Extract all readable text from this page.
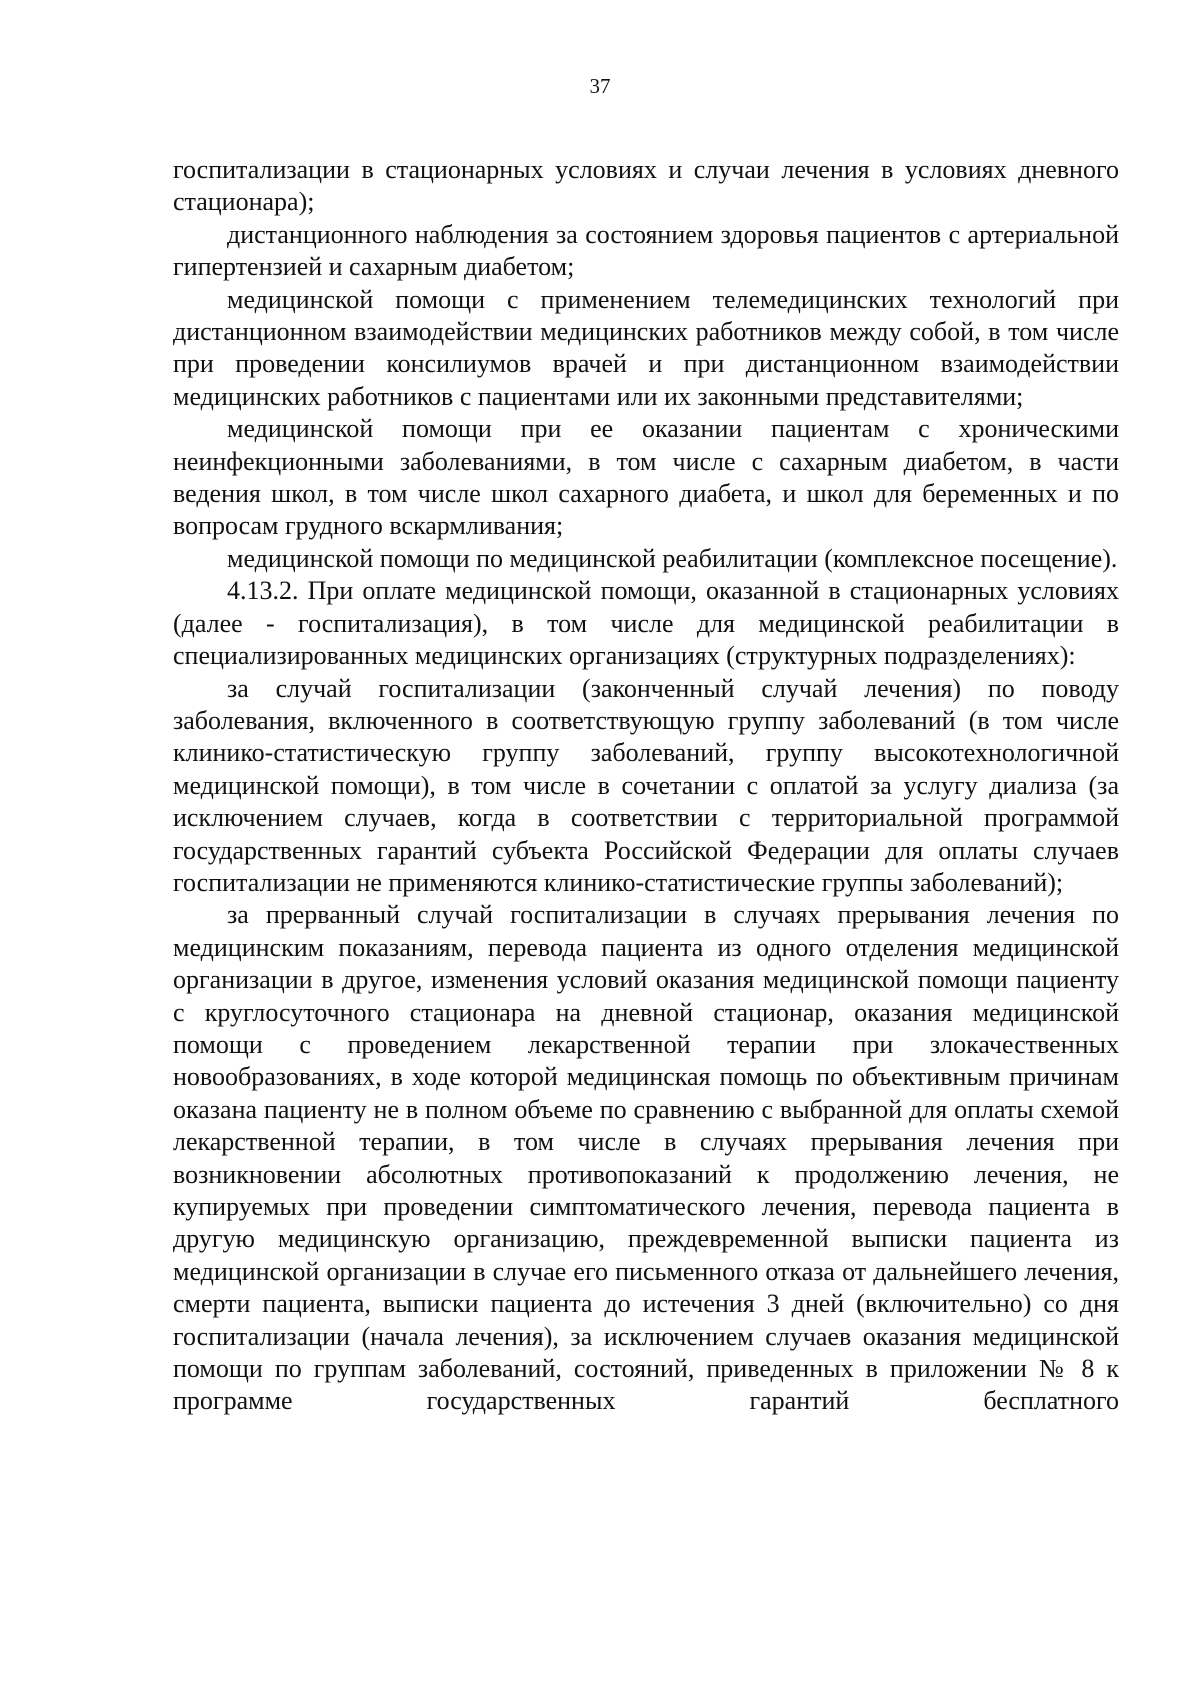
37

госпитализации в стационарных условиях и случаи лечения в условиях дневного стационара);

дистанционного наблюдения за состоянием здоровья пациентов с артериальной гипертензией и сахарным диабетом;

медицинской помощи с применением телемедицинских технологий при дистанционном взаимодействии медицинских работников между собой, в том числе при проведении консилиумов врачей и при дистанционном взаимодействии медицинских работников с пациентами или их законными представителями;

медицинской помощи при ее оказании пациентам с хроническими неинфекционными заболеваниями, в том числе с сахарным диабетом, в части ведения школ, в том числе школ сахарного диабета, и школ для беременных и по вопросам грудного вскармливания;

медицинской помощи по медицинской реабилитации (комплексное посещение).

4.13.2. При оплате медицинской помощи, оказанной в стационарных условиях (далее - госпитализация), в том числе для медицинской реабилитации в специализированных медицинских организациях (структурных подразделениях):

за случай госпитализации (законченный случай лечения) по поводу заболевания, включенного в соответствующую группу заболеваний (в том числе клинико-статистическую группу заболеваний, группу высокотехнологичной медицинской помощи), в том числе в сочетании с оплатой за услугу диализа (за исключением случаев, когда в соответствии с территориальной программой государственных гарантий субъекта Российской Федерации для оплаты случаев госпитализации не применяются клинико-статистические группы заболеваний);

за прерванный случай госпитализации в случаях прерывания лечения по медицинским показаниям, перевода пациента из одного отделения медицинской организации в другое, изменения условий оказания медицинской помощи пациенту с круглосуточного стационара на дневной стационар, оказания медицинской помощи с проведением лекарственной терапии при злокачественных новообразованиях, в ходе которой медицинская помощь по объективным причинам оказана пациенту не в полном объеме по сравнению с выбранной для оплаты схемой лекарственной терапии, в том числе в случаях прерывания лечения при возникновении абсолютных противопоказаний к продолжению лечения, не купируемых при проведении симптоматического лечения, перевода пациента в другую медицинскую организацию, преждевременной выписки пациента из медицинской организации в случае его письменного отказа от дальнейшего лечения, смерти пациента, выписки пациента до истечения 3 дней (включительно) со дня госпитализации (начала лечения), за исключением случаев оказания медицинской помощи по группам заболеваний, состояний, приведенных в приложении № 8 к программе государственных гарантий бесплатного
